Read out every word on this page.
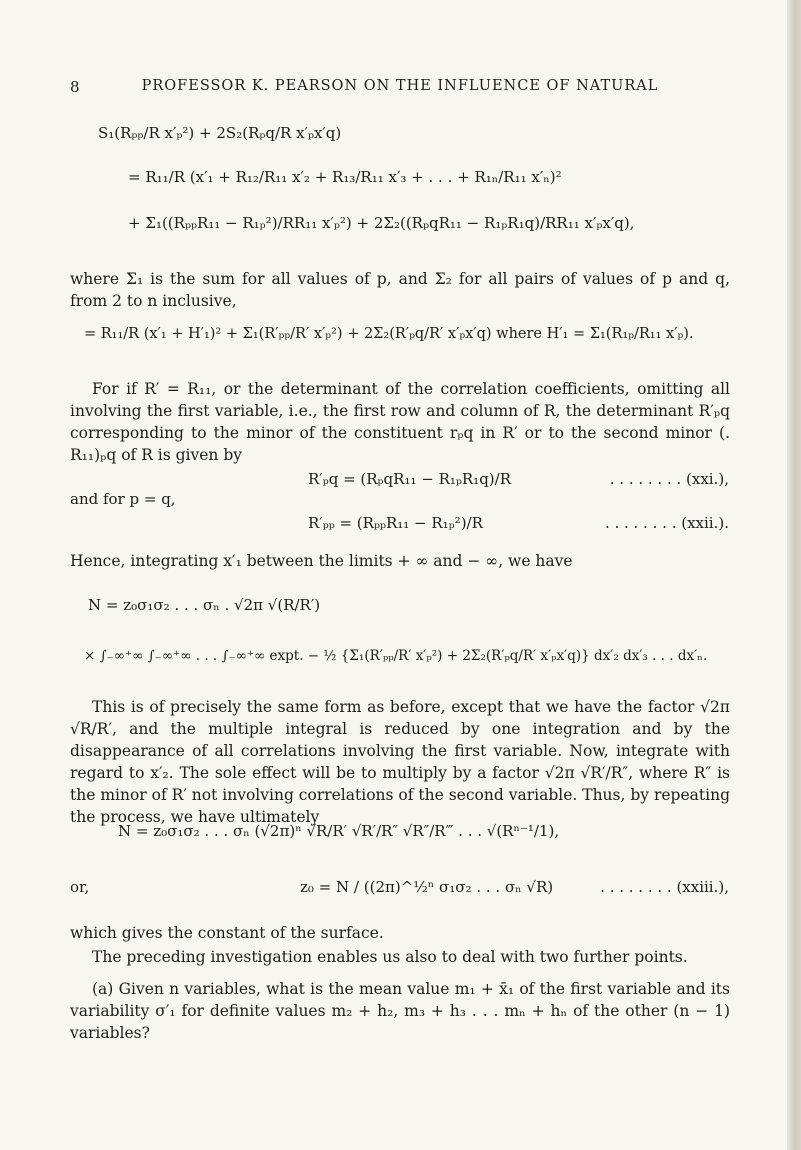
8	PROFESSOR K. PEARSON ON THE INFLUENCE OF NATURAL
S₁(Rₚₚ/R x′ₚ²) + 2S₂(Rₚq/R x′ₚx′q)
= R₁₁/R (x′₁ + R₁₂/R₁₁ x′₂ + R₁₃/R₁₁ x′₃ + . . . + R₁ₙ/R₁₁ x′ₙ)²
+ Σ₁((RₚₚR₁₁ − R₁ₚ²)/RR₁₁ x′ₚ²) + 2Σ₂((RₚqR₁₁ − R₁ₚR₁q)/RR₁₁ x′ₚx′q),
where Σ₁ is the sum for all values of p, and Σ₂ for all pairs of values of p and q, from 2 to n inclusive,
= R₁₁/R (x′₁ + H′₁)² + Σ₁(R′ₚₚ/R′ x′ₚ²) + 2Σ₂(R′ₚq/R′ x′ₚx′q) where H′₁ = Σ₁(R₁ₚ/R₁₁ x′ₚ).
For if R′ = R₁₁, or the determinant of the correlation coefficients, omitting all involving the first variable, i.e., the first row and column of R, the determinant R′ₚq corresponding to the minor of the constituent rₚq in R′ or to the second minor (. R₁₁)ₚq of R is given by
R′ₚq = (RₚqR₁₁ − R₁ₚR₁q)/R	. . . . . . . . (xxi.),
and for p = q,
R′ₚₚ = (RₚₚR₁₁ − R₁ₚ²)/R	. . . . . . . . (xxii.).
Hence, integrating x′₁ between the limits + ∞ and − ∞, we have
N = z₀σ₁σ₂ . . . σₙ . √2π √(R/R′)
× ∫₋∞⁺∞ ∫₋∞⁺∞ . . . ∫₋∞⁺∞ expt. − ½ {Σ₁(R′ₚₚ/R′ x′ₚ²) + 2Σ₂(R′ₚq/R′ x′ₚx′q)} dx′₂ dx′₃ . . . dx′ₙ.
This is of precisely the same form as before, except that we have the factor √2π √R/R′, and the multiple integral is reduced by one integration and by the disappearance of all correlations involving the first variable. Now, integrate with regard to x′₂. The sole effect will be to multiply by a factor √2π √R′/R″, where R″ is the minor of R′ not involving correlations of the second variable. Thus, by repeating the process, we have ultimately
N = z₀σ₁σ₂ . . . σₙ (√2π)ⁿ √R/R′ √R′/R″ √R″/R‴ . . . √(Rⁿ⁻¹/1),
or,	z₀ = N / ((2π)^½ⁿ σ₁σ₂ . . . σₙ √R)	. . . . . . . . (xxiii.),
which gives the constant of the surface.
The preceding investigation enables us also to deal with two further points.
(a) Given n variables, what is the mean value m₁ + x̄₁ of the first variable and its variability σ′₁ for definite values m₂ + h₂, m₃ + h₃ . . . mₙ + hₙ of the other (n − 1) variables?
